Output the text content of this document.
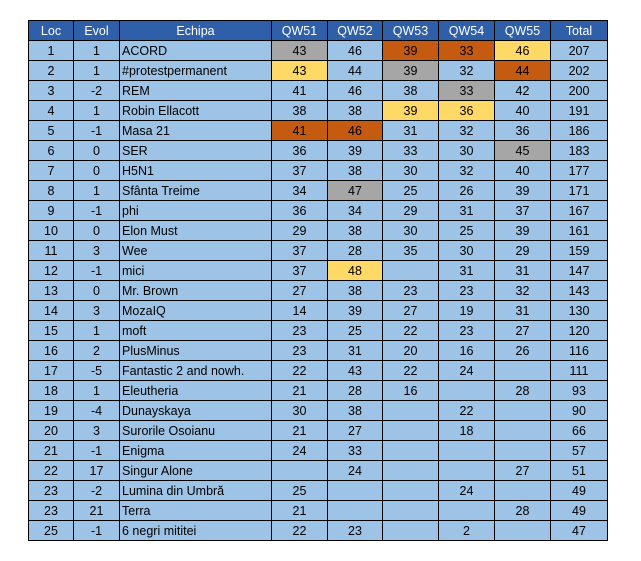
Loc	Evol	Echipa	QW51	QW52	QW53	QW54	QW55	Total
1	1	ACORD	43	46	39	33	46	207
2	1	#protestpermanent	43	44	39	32	44	202
3	-2	REM	41	46	38	33	42	200
4	1	Robin Ellacott	38	38	39	36	40	191
5	-1	Masa 21	41	46	31	32	36	186
6	0	SER	36	39	33	30	45	183
7	0	H5N1	37	38	30	32	40	177
8	1	Sfânta Treime	34	47	25	26	39	171
9	-1	phi	36	34	29	31	37	167
10	0	Elon Must	29	38	30	25	39	161
11	3	Wee	37	28	35	30	29	159
12	-1	mici	37	48		31	31	147
13	0	Mr. Brown	27	38	23	23	32	143
14	3	MozaIQ	14	39	27	19	31	130
15	1	moft	23	25	22	23	27	120
16	2	PlusMinus	23	31	20	16	26	116
17	-5	Fantastic 2 and nowh.	22	43	22	24		111
18	1	Eleutheria	21	28	16		28	93
19	-4	Dunayskaya	30	38		22		90
20	3	Surorile Osoianu	21	27		18		66
21	-1	Enigma	24	33				57
22	17	Singur Alone		24			27	51
23	-2	Lumina din Umbră	25			24		49
23	21	Terra	21				28	49
25	-1	6 negri mititei	22	23		2		47
